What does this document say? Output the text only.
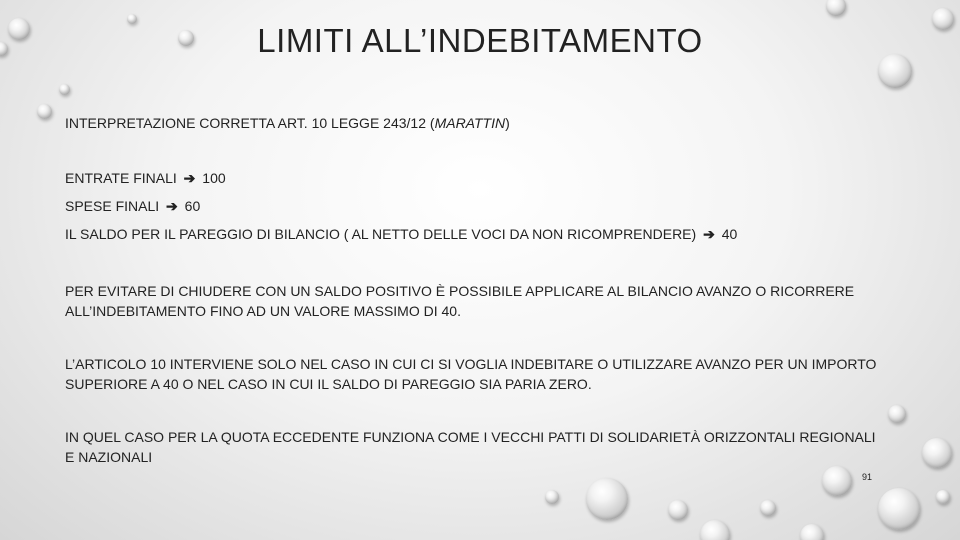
LIMITI ALL’INDEBITAMENTO
INTERPRETAZIONE CORRETTA ART. 10 LEGGE 243/12 (MARATTIN)
ENTRATE FINALI ➔ 100
SPESE FINALI ➔ 60
IL SALDO PER IL PAREGGIO DI BILANCIO ( AL NETTO DELLE VOCI DA NON RICOMPRENDERE) ➔ 40
PER EVITARE DI CHIUDERE CON UN SALDO POSITIVO È POSSIBILE APPLICARE AL BILANCIO AVANZO O RICORRERE ALL’INDEBITAMENTO FINO AD UN VALORE MASSIMO DI 40.
L’ARTICOLO 10 INTERVIENE SOLO NEL CASO IN CUI CI SI VOGLIA INDEBITARE O UTILIZZARE AVANZO PER UN IMPORTO SUPERIORE A 40 O NEL CASO IN CUI IL SALDO DI PAREGGIO SIA PARIA ZERO.
IN QUEL CASO PER LA QUOTA ECCEDENTE FUNZIONA COME I VECCHI PATTI DI SOLIDARIETÀ ORIZZONTALI REGIONALI E NAZIONALI
91
